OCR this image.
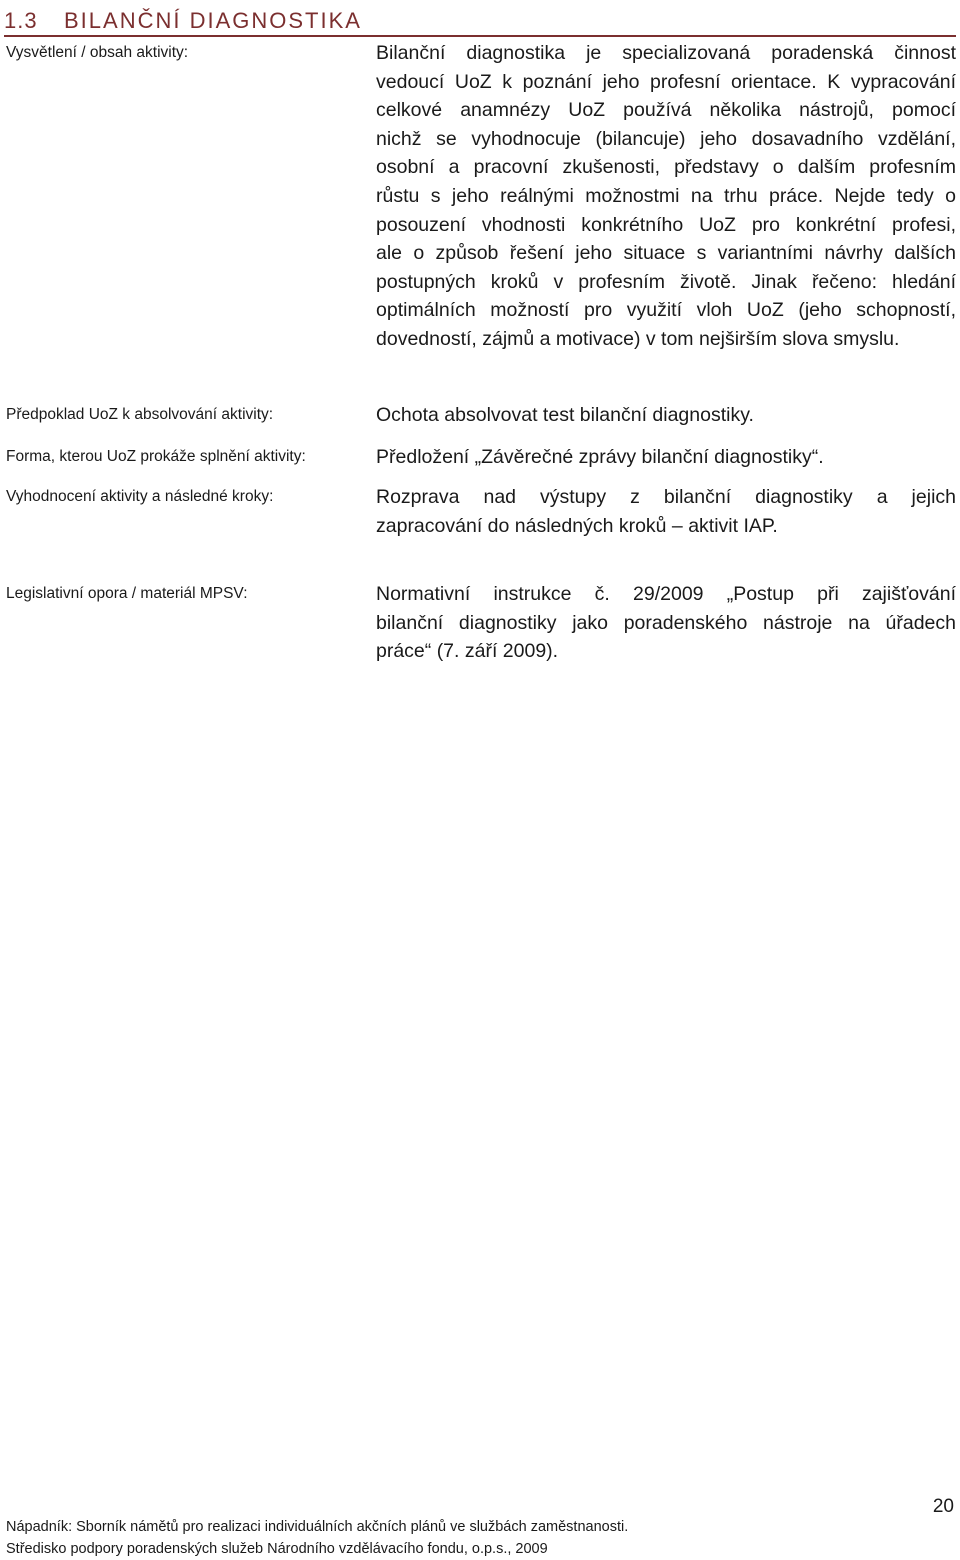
1.3 BILANČNÍ DIAGNOSTIKA
Vysvětlení / obsah aktivity:	Bilanční diagnostika je specializovaná poradenská činnost
vedoucí UoZ k poznání jeho profesní orientace. K vypracování
celkové anamnézy UoZ používá několika nástrojů, pomocí
nichž se vyhodnocuje (bilancuje) jeho dosavadního vzdělání,
osobní a pracovní zkušenosti, představy o dalším profesním
růstu s jeho reálnými možnostmi na trhu práce. Nejde tedy o
posouzení vhodnosti konkrétního UoZ pro konkrétní profesi,
ale o způsob řešení jeho situace s variantními návrhy dalších
postupných kroků v profesním životě. Jinak řečeno: hledání
optimálních možností pro využití vloh UoZ (jeho schopností,
dovedností, zájmů a motivace) v tom nejširším slova smyslu.
Předpoklad UoZ k absolvování aktivity:	Ochota absolvovat test bilanční diagnostiky.
Forma, kterou UoZ prokáže splnění aktivity:	Předložení „Závěrečné zprávy bilanční diagnostiky“.
Vyhodnocení aktivity a následné kroky:	Rozprava nad výstupy z bilanční diagnostiky a jejich
zapracování do následných kroků – aktivit IAP.
Legislativní opora / materiál MPSV:	Normativní instrukce č. 29/2009 „Postup při zajišťování
bilanční diagnostiky jako poradenského nástroje na úřadech
práce“ (7. září 2009).
20
Nápadník: Sborník námětů pro realizaci individuálních akčních plánů ve službách zaměstnanosti.
Středisko podpory poradenských služeb Národního vzdělávacího fondu, o.p.s., 2009
